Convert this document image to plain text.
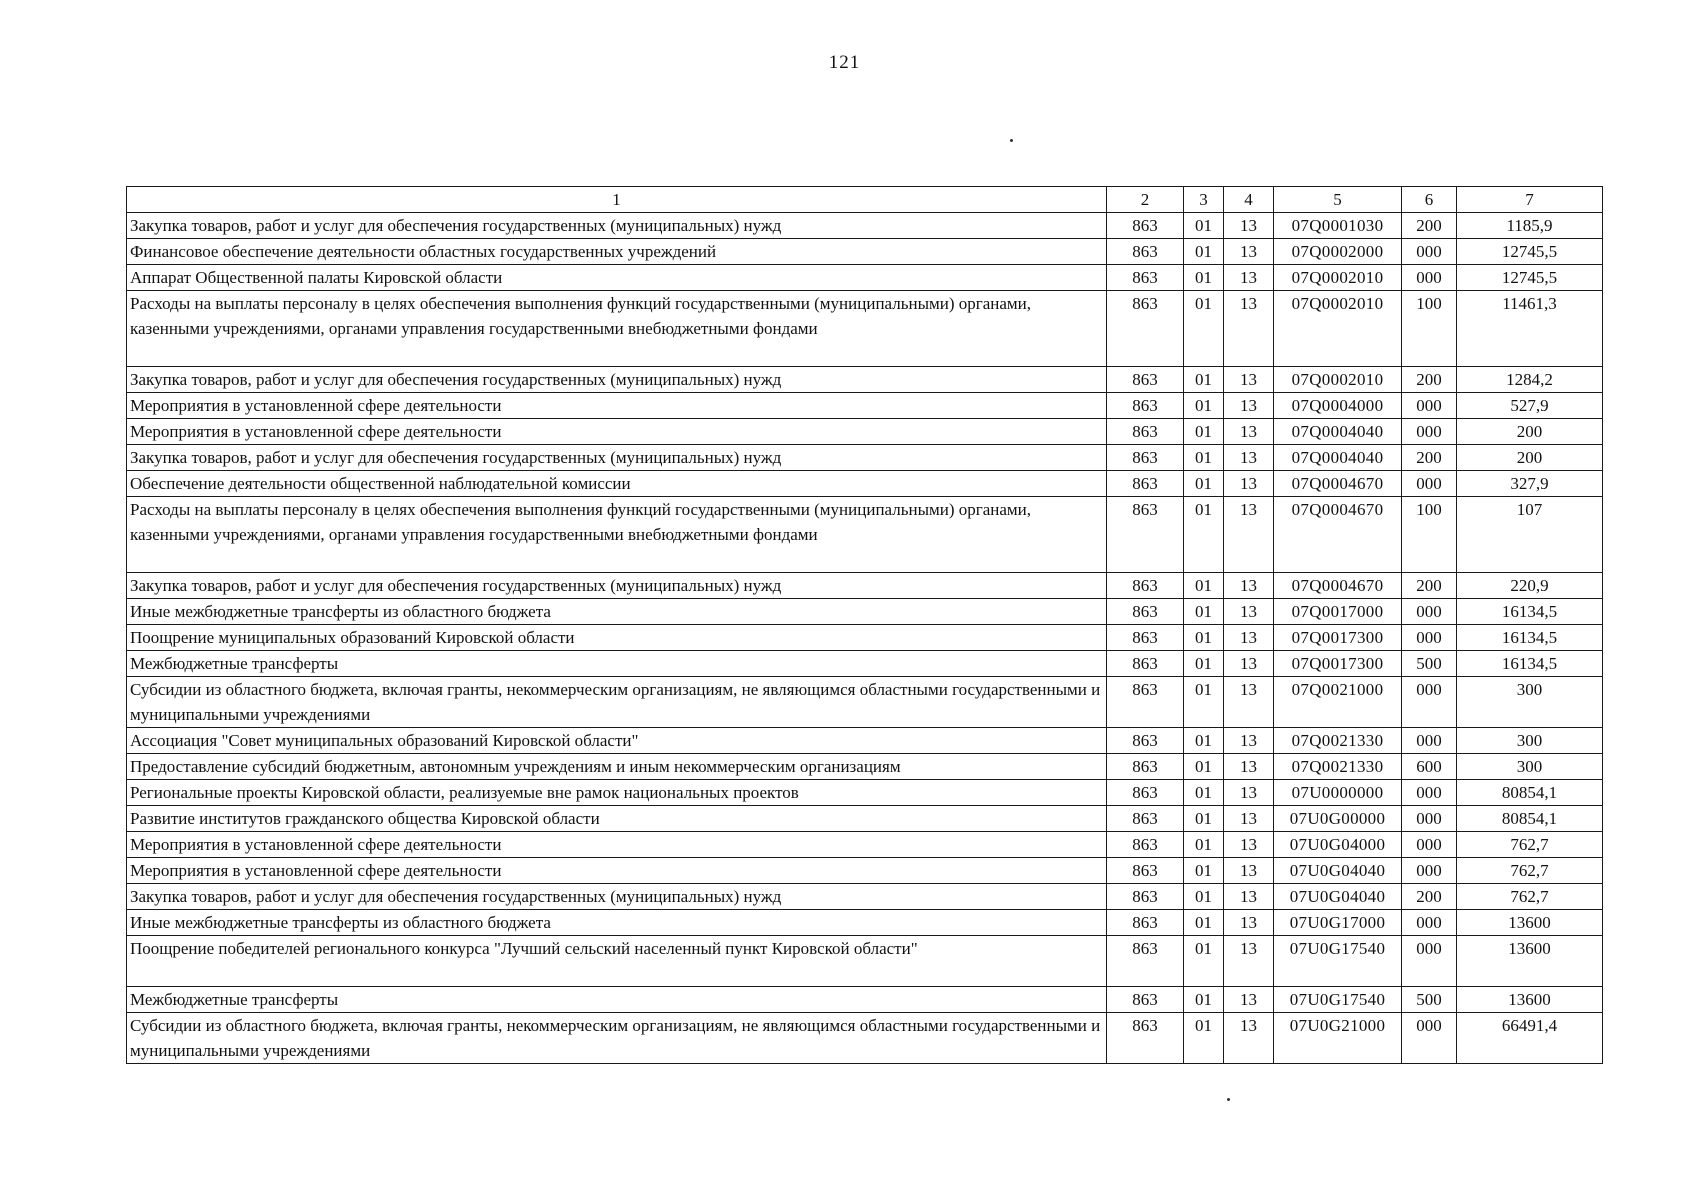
121
1	2	3	4	5	6	7
Закупка товаров, работ и услуг для обеспечения государственных (муниципальных) нужд	863	01	13	07Q0001030	200	1185,9
Финансовое обеспечение деятельности областных государственных учреждений	863	01	13	07Q0002000	000	12745,5
Аппарат Общественной палаты Кировской области	863	01	13	07Q0002010	000	12745,5
Расходы на выплаты персоналу в целях обеспечения выполнения функций государственными (муниципальными) органами, казенными учреждениями, органами управления государственными внебюджетными фондами	863	01	13	07Q0002010	100	11461,3
Закупка товаров, работ и услуг для обеспечения государственных (муниципальных) нужд	863	01	13	07Q0002010	200	1284,2
Мероприятия в установленной сфере деятельности	863	01	13	07Q0004000	000	527,9
Мероприятия в установленной сфере деятельности	863	01	13	07Q0004040	000	200
Закупка товаров, работ и услуг для обеспечения государственных (муниципальных) нужд	863	01	13	07Q0004040	200	200
Обеспечение деятельности общественной наблюдательной комиссии	863	01	13	07Q0004670	000	327,9
Расходы на выплаты персоналу в целях обеспечения выполнения функций государственными (муниципальными) органами, казенными учреждениями, органами управления государственными внебюджетными фондами	863	01	13	07Q0004670	100	107
Закупка товаров, работ и услуг для обеспечения государственных (муниципальных) нужд	863	01	13	07Q0004670	200	220,9
Иные межбюджетные трансферты из областного бюджета	863	01	13	07Q0017000	000	16134,5
Поощрение муниципальных образований Кировской области	863	01	13	07Q0017300	000	16134,5
Межбюджетные трансферты	863	01	13	07Q0017300	500	16134,5
Субсидии из областного бюджета, включая гранты, некоммерческим организациям, не являющимся областными государственными и муниципальными учреждениями	863	01	13	07Q0021000	000	300
Ассоциация "Совет муниципальных образований Кировской области"	863	01	13	07Q0021330	000	300
Предоставление субсидий бюджетным, автономным учреждениям и иным некоммерческим организациям	863	01	13	07Q0021330	600	300
Региональные проекты Кировской области, реализуемые вне рамок национальных проектов	863	01	13	07U0000000	000	80854,1
Развитие институтов гражданского общества Кировской области	863	01	13	07U0G00000	000	80854,1
Мероприятия в установленной сфере деятельности	863	01	13	07U0G04000	000	762,7
Мероприятия в установленной сфере деятельности	863	01	13	07U0G04040	000	762,7
Закупка товаров, работ и услуг для обеспечения государственных (муниципальных) нужд	863	01	13	07U0G04040	200	762,7
Иные межбюджетные трансферты из областного бюджета	863	01	13	07U0G17000	000	13600
Поощрение победителей регионального конкурса "Лучший сельский населенный пункт Кировской области"	863	01	13	07U0G17540	000	13600
Межбюджетные трансферты	863	01	13	07U0G17540	500	13600
Субсидии из областного бюджета, включая гранты, некоммерческим организациям, не являющимся областными государственными и муниципальными учреждениями	863	01	13	07U0G21000	000	66491,4
